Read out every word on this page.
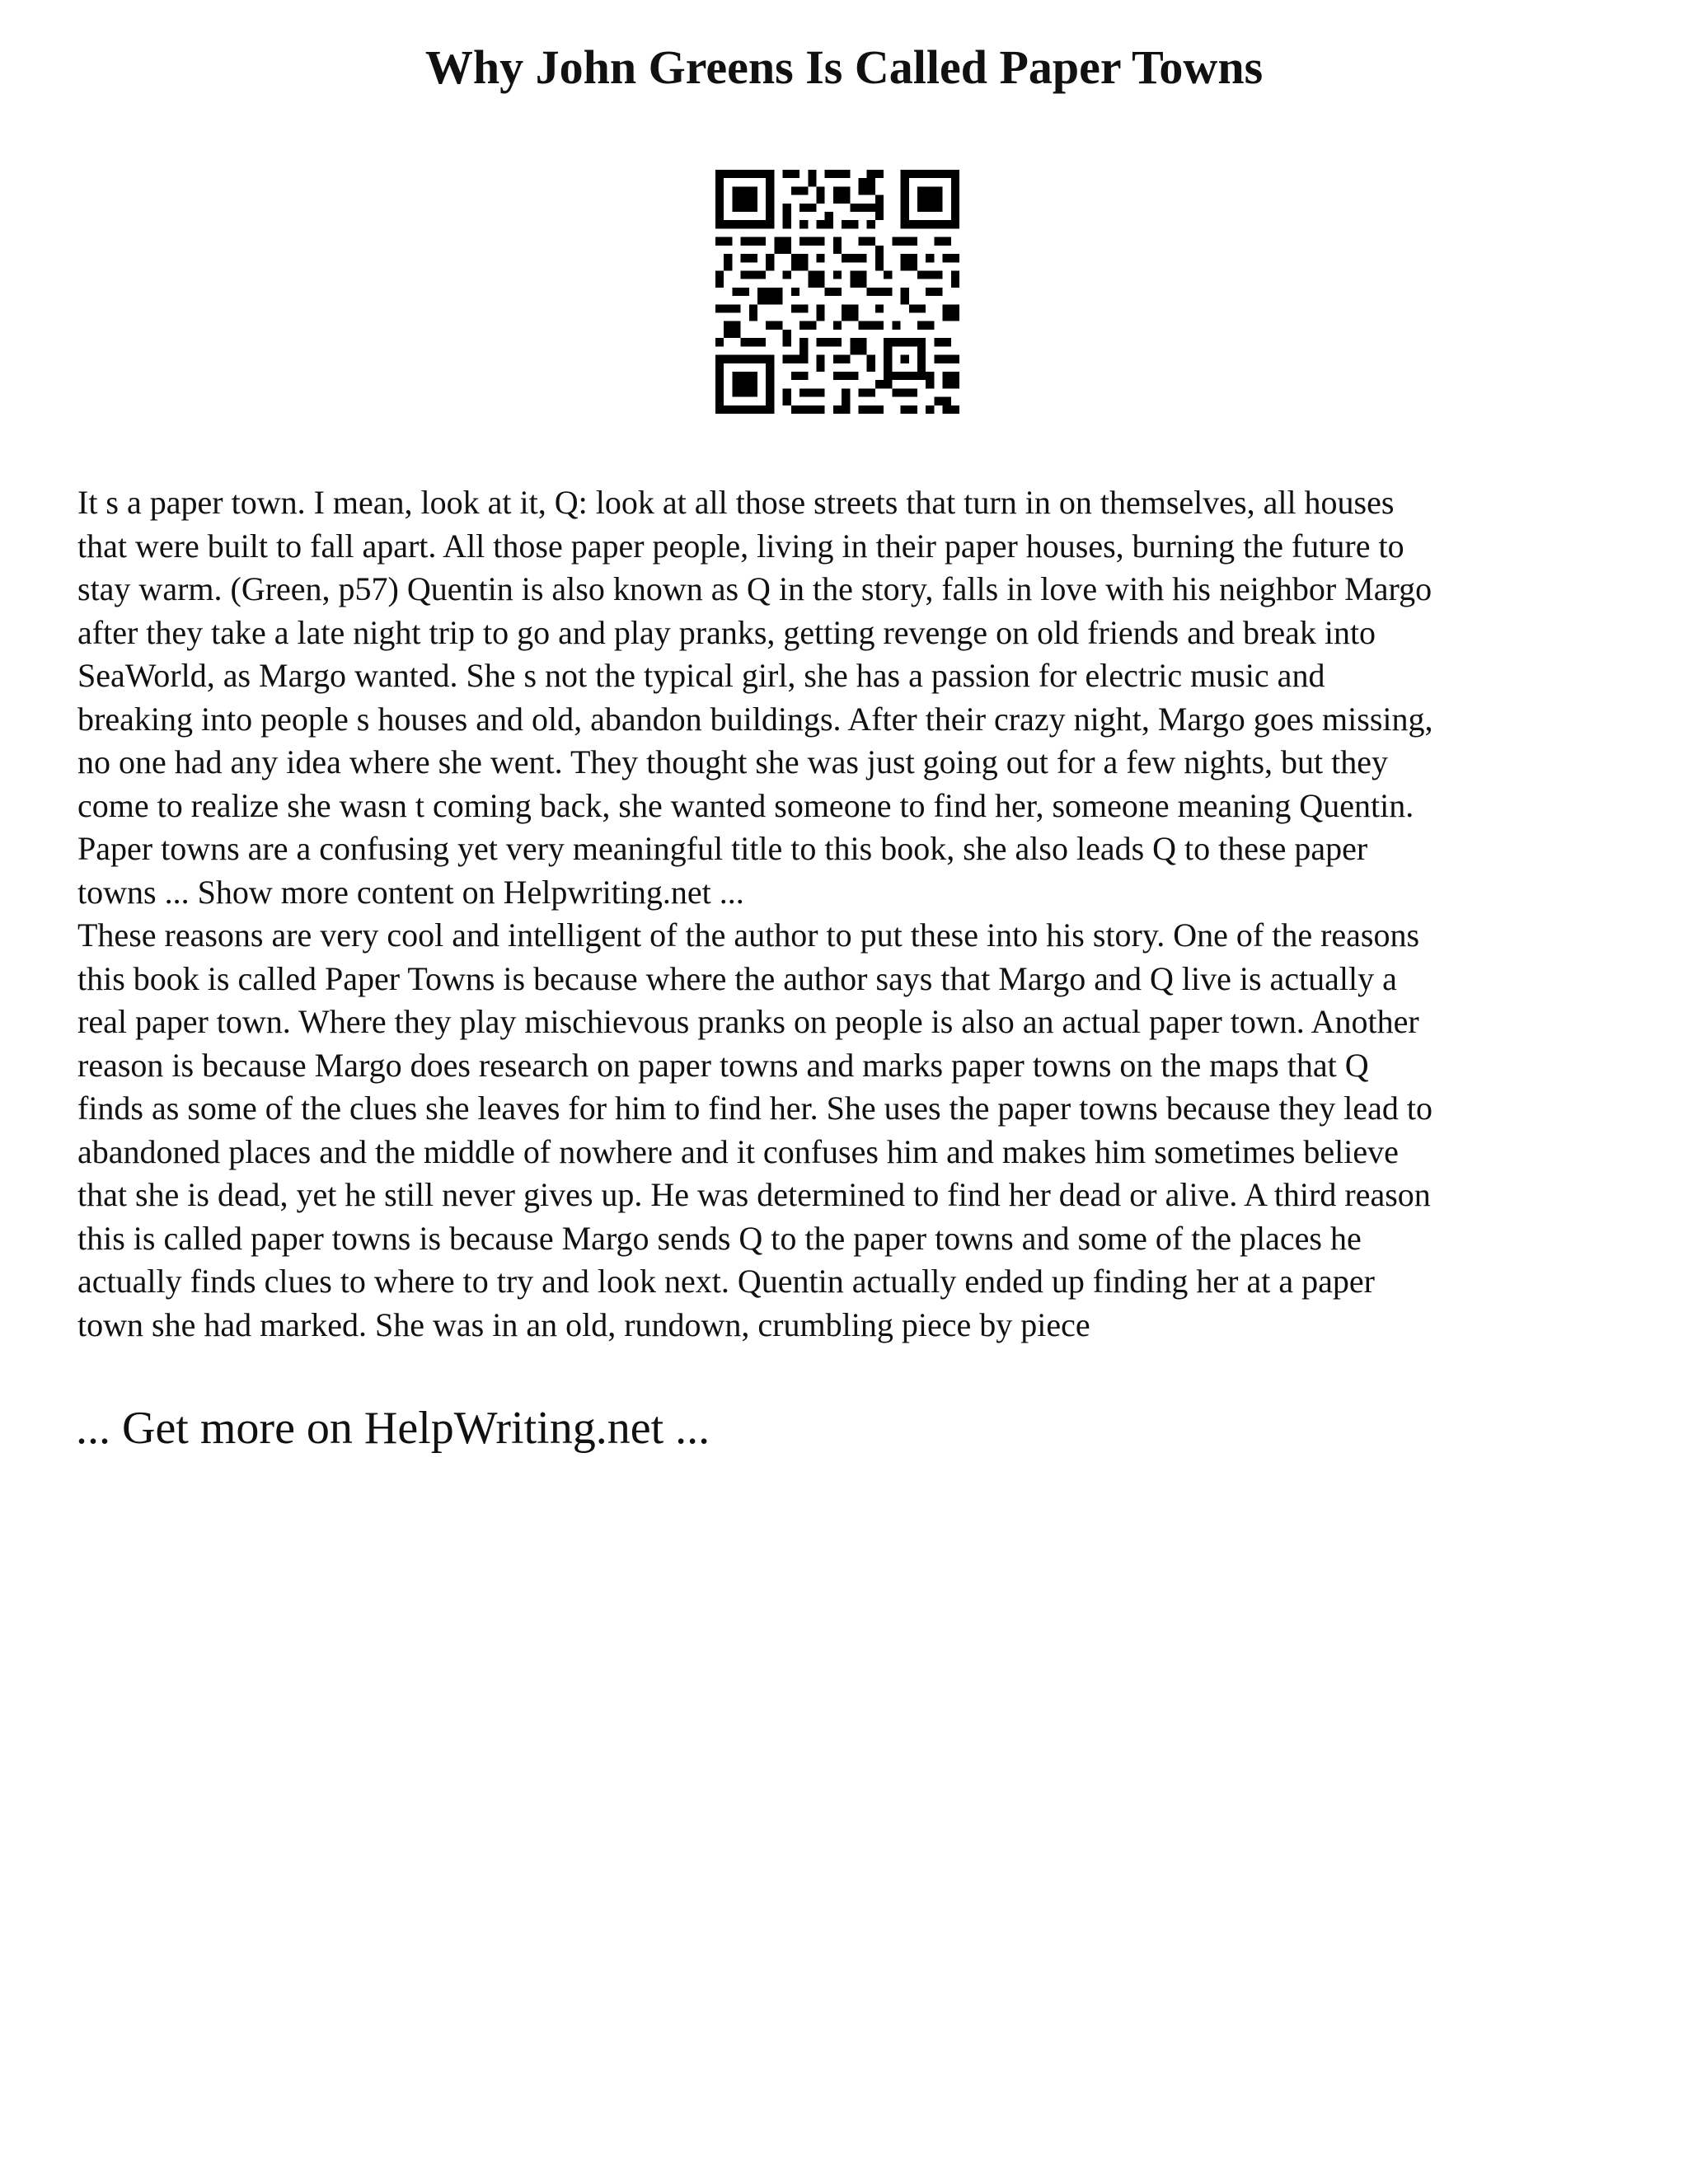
Why John Greens Is Called Paper Towns

It s a paper town. I mean, look at it, Q: look at all those streets that turn in on themselves, all houses
that were built to fall apart. All those paper people, living in their paper houses, burning the future to
stay warm. (Green, p57) Quentin is also known as Q in the story, falls in love with his neighbor Margo
after they take a late night trip to go and play pranks, getting revenge on old friends and break into
SeaWorld, as Margo wanted. She s not the typical girl, she has a passion for electric music and
breaking into people s houses and old, abandon buildings. After their crazy night, Margo goes missing,
no one had any idea where she went. They thought she was just going out for a few nights, but they
come to realize she wasn t coming back, she wanted someone to find her, someone meaning Quentin.
Paper towns are a confusing yet very meaningful title to this book, she also leads Q to these paper
towns ... Show more content on Helpwriting.net ...

These reasons are very cool and intelligent of the author to put these into his story. One of the reasons
this book is called Paper Towns is because where the author says that Margo and Q live is actually a
real paper town. Where they play mischievous pranks on people is also an actual paper town. Another
reason is because Margo does research on paper towns and marks paper towns on the maps that Q
finds as some of the clues she leaves for him to find her. She uses the paper towns because they lead to
abandoned places and the middle of nowhere and it confuses him and makes him sometimes believe
that she is dead, yet he still never gives up. He was determined to find her dead or alive. A third reason
this is called paper towns is because Margo sends Q to the paper towns and some of the places he
actually finds clues to where to try and look next. Quentin actually ended up finding her at a paper
town she had marked. She was in an old, rundown, crumbling piece by piece

... Get more on HelpWriting.net ...
